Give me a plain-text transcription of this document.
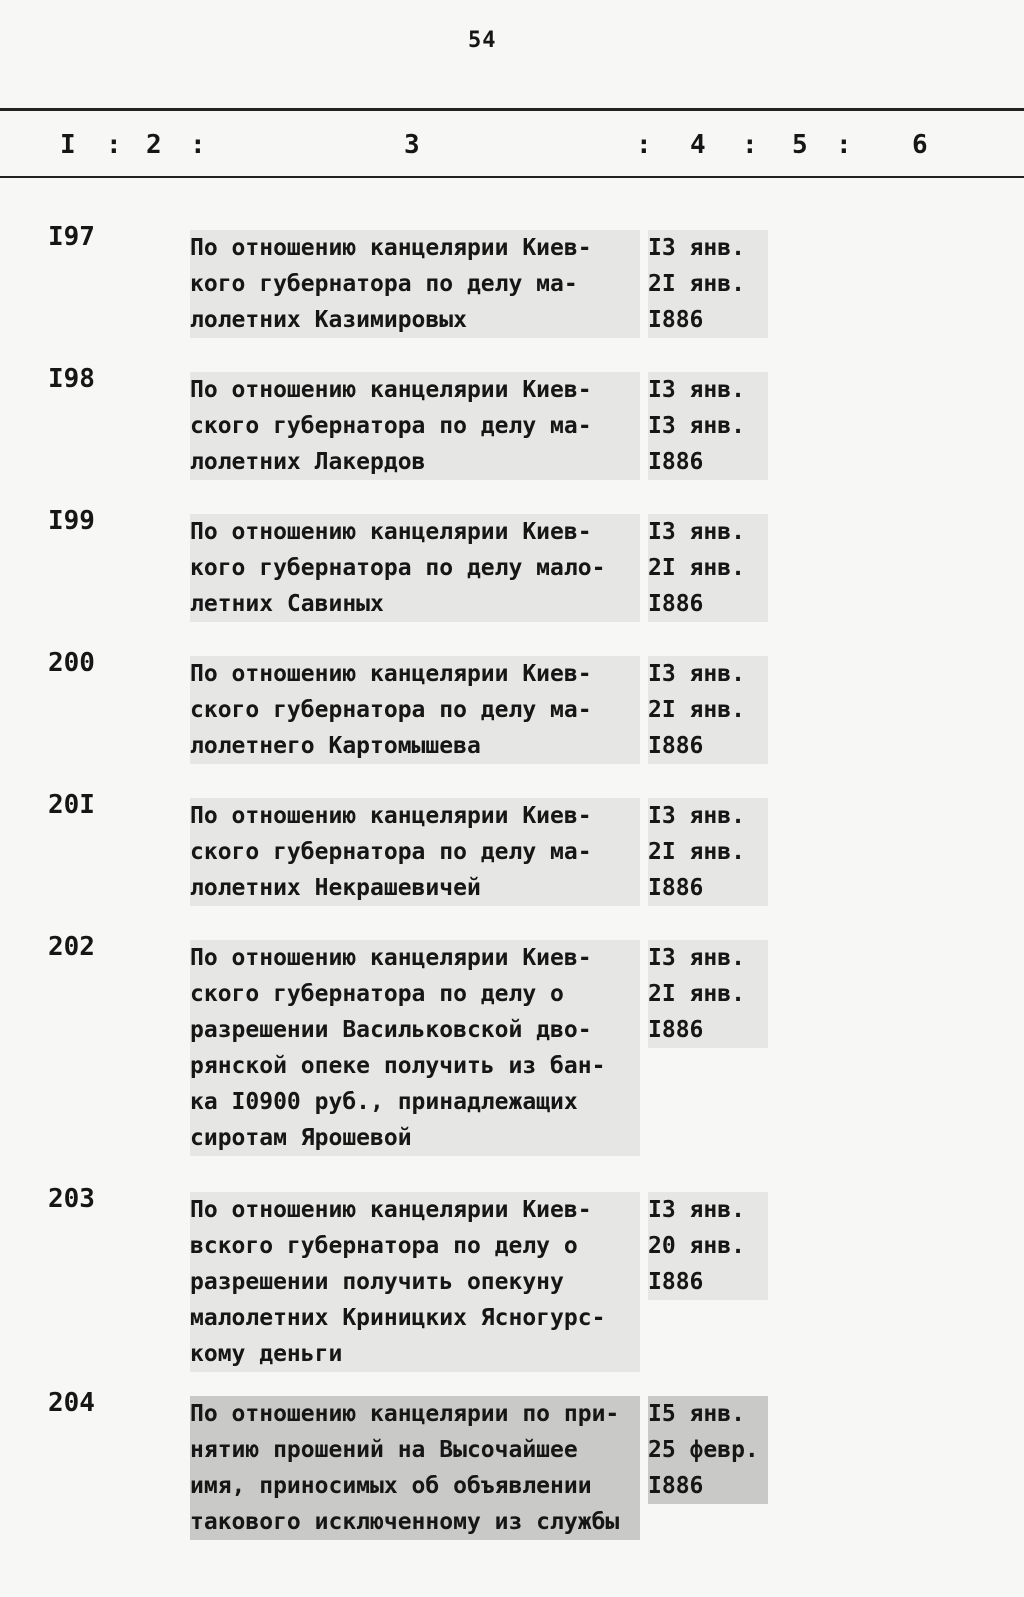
54
I : 2 :	3	: 4 : 5 : 6
I97	По отношению канцелярии Киев-
кого губернатора по делу ма-
лолетних Казимировых
I3 янв.
2I янв.
I886
I98	По отношению канцелярии Киев-
ского губернатора по делу ма-
лолетних Лакердов
I3 янв.
I3 янв.
I886
I99	По отношению канцелярии Киев-
кого губернатора по делу мало-
летних Савиных
I3 янв.
2I янв.
I886
200	По отношению канцелярии Киев-
ского губернатора по делу ма-
лолетнего Картомышева
I3 янв.
2I янв.
I886
20I	По отношению канцелярии Киев-
ского губернатора по делу ма-
лолетних Некрашевичей
I3 янв.
2I янв.
I886
202	По отношению канцелярии Киев-
ского губернатора по делу о
разрешении Васильковской дво-
рянской опеке получить из бан-
ка I0900 руб., принадлежащих
сиротам Ярошевой
I3 янв.
2I янв.
I886
203	По отношению канцелярии Киев-
вского губернатора по делу о
разрешении получить опекуну
малолетних Криницких Ясногурс-
кому деньги
I3 янв.
20 янв.
I886
204	По отношению канцелярии по при-
нятию прошений на Высочайшее
имя, приносимых об объявлении
такового исключенному из службы
I5 янв.
25 февр.
I886
